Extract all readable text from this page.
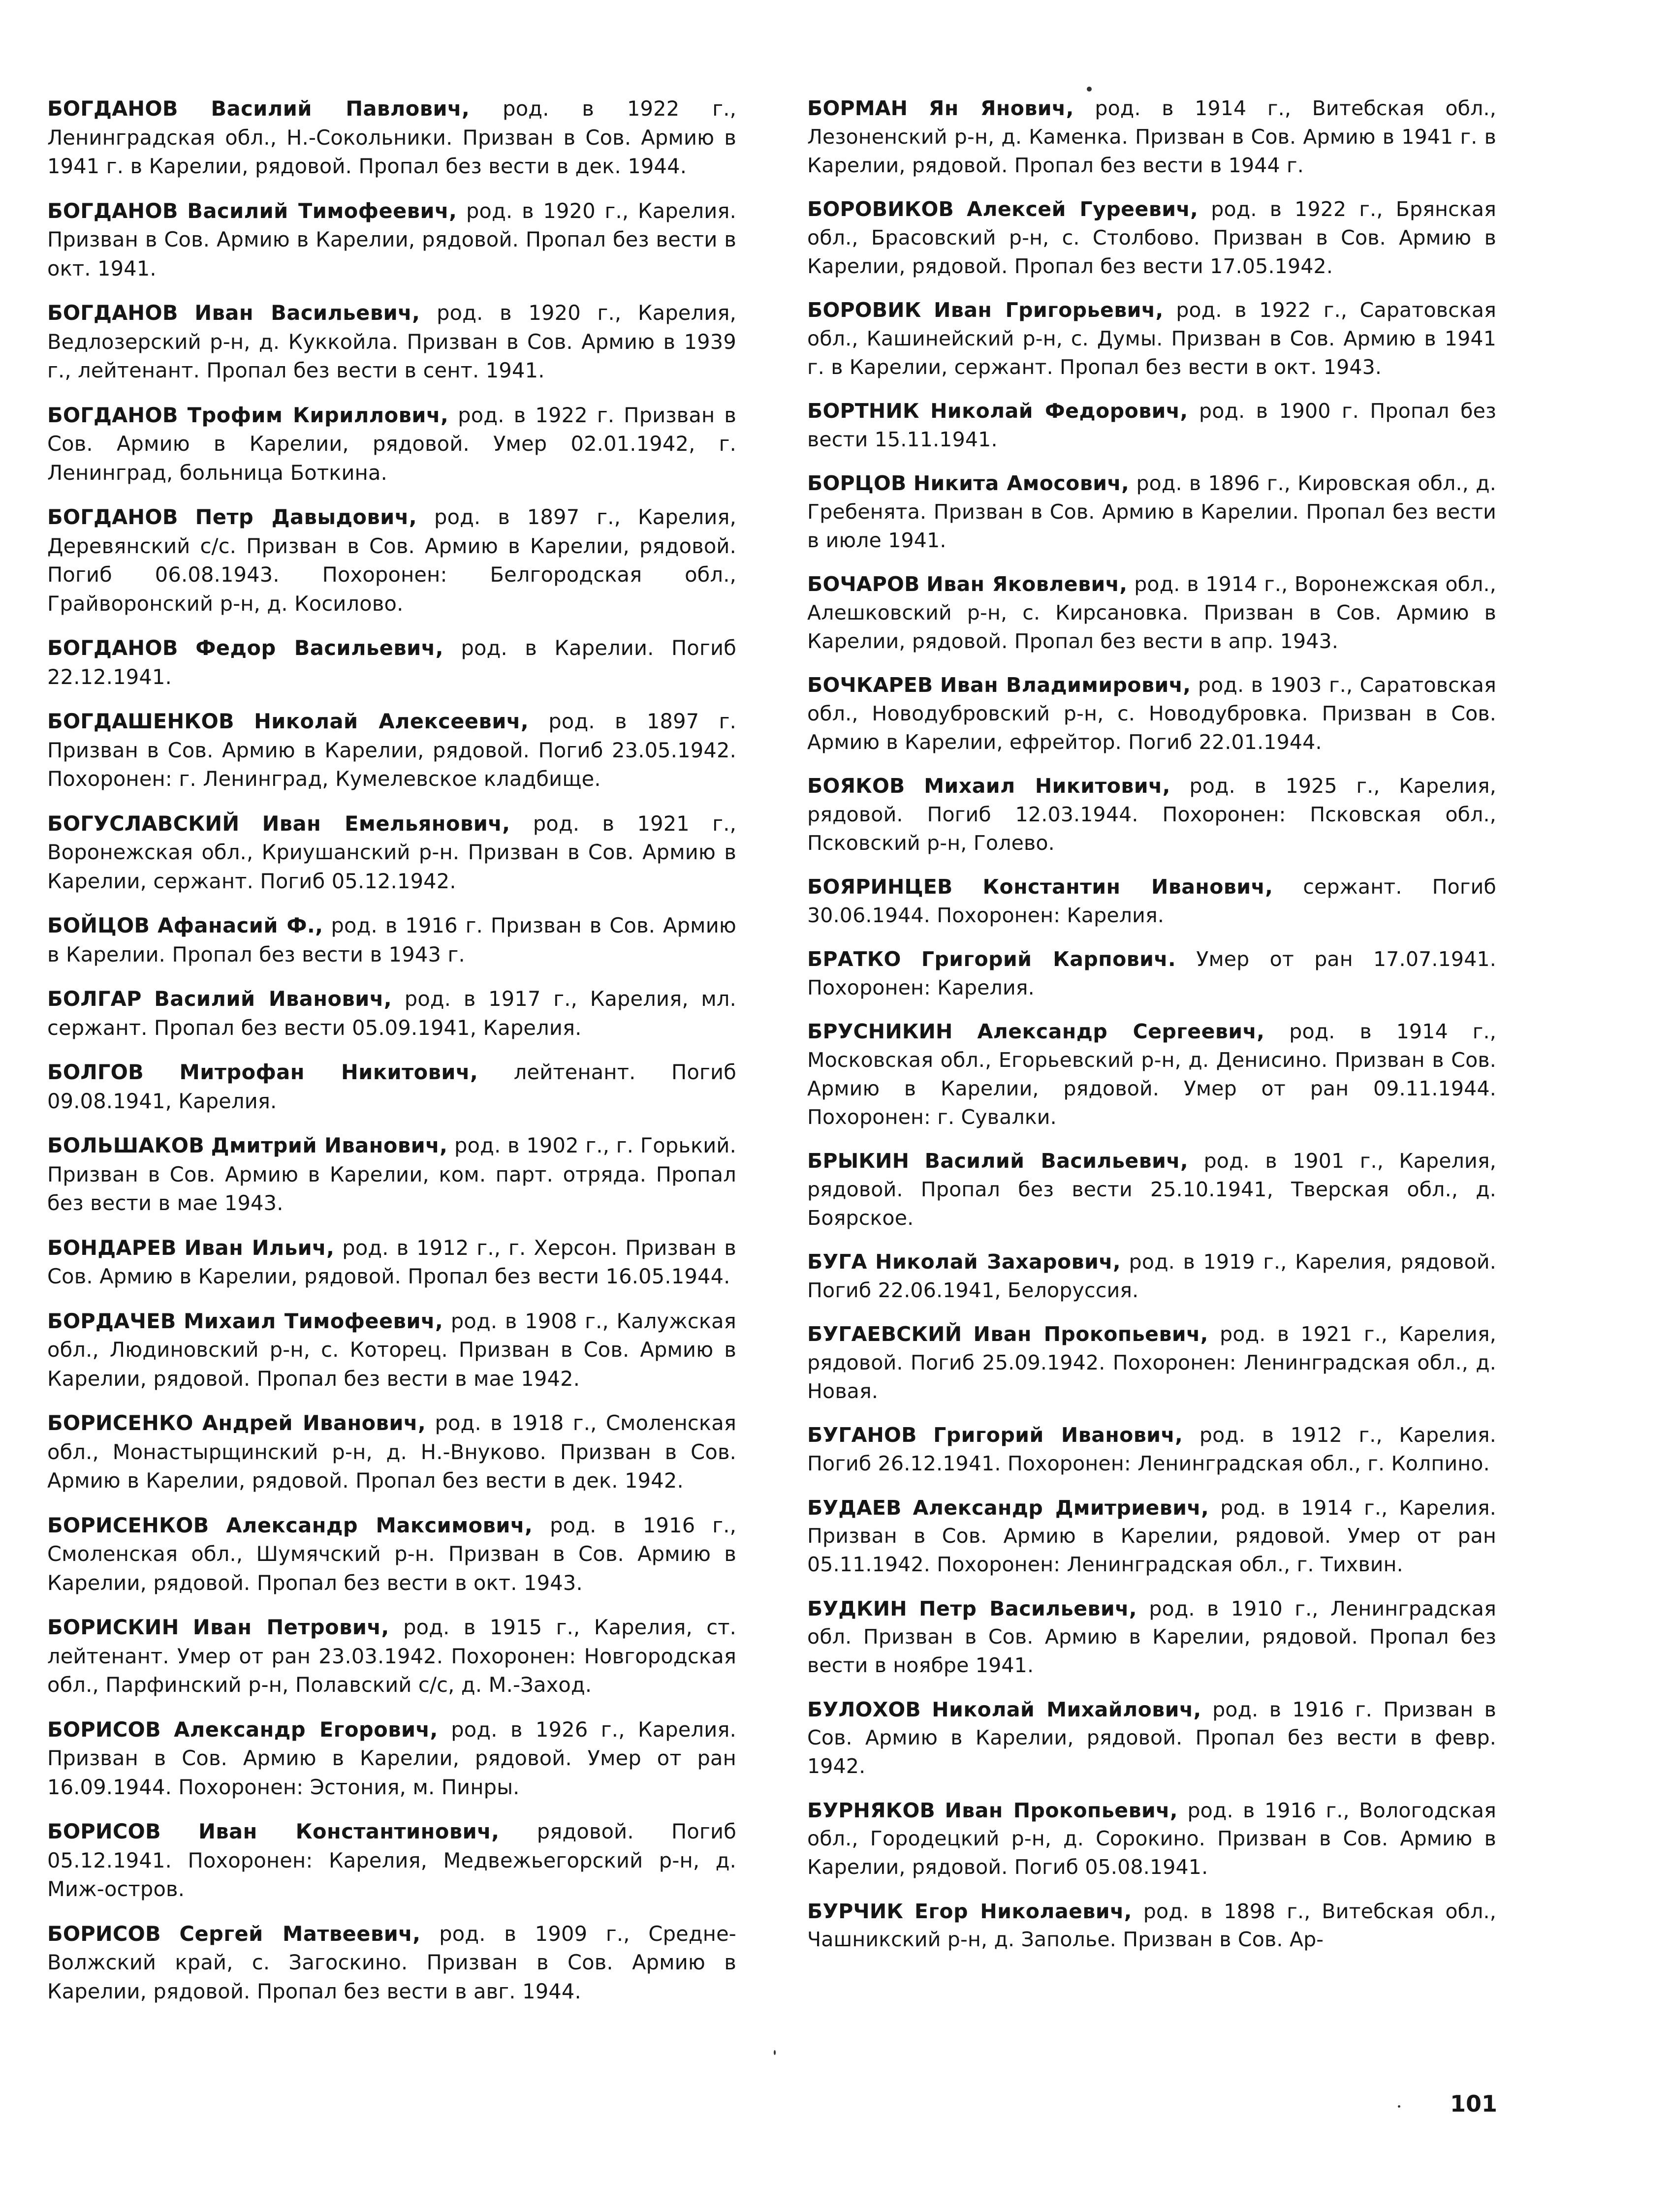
БОГДАНОВ Василий Павлович, род. в 1922 г., Ленинградская обл., Н.-Сокольники. Призван в Сов. Армию в 1941 г. в Карелии, рядовой. Пропал без вести в дек. 1944.

БОГДАНОВ Василий Тимофеевич, род. в 1920 г., Карелия. Призван в Сов. Армию в Карелии, рядовой. Пропал без вести в окт. 1941.

БОГДАНОВ Иван Васильевич, род. в 1920 г., Карелия, Ведлозерский р-н, д. Куккойла. Призван в Сов. Армию в 1939 г., лейтенант. Пропал без вести в сент. 1941.

БОГДАНОВ Трофим Кириллович, род. в 1922 г. Призван в Сов. Армию в Карелии, рядовой. Умер 02.01.1942, г. Ленинград, больница Боткина.

БОГДАНОВ Петр Давыдович, род. в 1897 г., Карелия, Деревянский с/с. Призван в Сов. Армию в Карелии, рядовой. Погиб 06.08.1943. Похоронен: Белгородская обл., Грайворонский р-н, д. Косилово.

БОГДАНОВ Федор Васильевич, род. в Карелии. Погиб 22.12.1941.

БОГДАШЕНКОВ Николай Алексеевич, род. в 1897 г. Призван в Сов. Армию в Карелии, рядовой. Погиб 23.05.1942. Похоронен: г. Ленинград, Кумелевское кладбище.

БОГУСЛАВСКИЙ Иван Емельянович, род. в 1921 г., Воронежская обл., Криушанский р-н. Призван в Сов. Армию в Карелии, сержант. Погиб 05.12.1942.

БОЙЦОВ Афанасий Ф., род. в 1916 г. Призван в Сов. Армию в Карелии. Пропал без вести в 1943 г.

БОЛГАР Василий Иванович, род. в 1917 г., Карелия, мл. сержант. Пропал без вести 05.09.1941, Карелия.

БОЛГОВ Митрофан Никитович, лейтенант. Погиб 09.08.1941, Карелия.

БОЛЬШАКОВ Дмитрий Иванович, род. в 1902 г., г. Горький. Призван в Сов. Армию в Карелии, ком. парт. отряда. Пропал без вести в мае 1943.

БОНДАРЕВ Иван Ильич, род. в 1912 г., г. Херсон. Призван в Сов. Армию в Карелии, рядовой. Пропал без вести 16.05.1944.

БОРДАЧЕВ Михаил Тимофеевич, род. в 1908 г., Калужская обл., Людиновский р-н, с. Которец. Призван в Сов. Армию в Карелии, рядовой. Пропал без вести в мае 1942.

БОРИСЕНКО Андрей Иванович, род. в 1918 г., Смоленская обл., Монастырщинский р-н, д. Н.-Внуково. Призван в Сов. Армию в Карелии, рядовой. Пропал без вести в дек. 1942.

БОРИСЕНКОВ Александр Максимович, род. в 1916 г., Смоленская обл., Шумячский р-н. Призван в Сов. Армию в Карелии, рядовой. Пропал без вести в окт. 1943.

БОРИСКИН Иван Петрович, род. в 1915 г., Карелия, ст. лейтенант. Умер от ран 23.03.1942. Похоронен: Новгородская обл., Парфинский р-н, Полавский с/с, д. М.-Заход.

БОРИСОВ Александр Егорович, род. в 1926 г., Карелия. Призван в Сов. Армию в Карелии, рядовой. Умер от ран 16.09.1944. Похоронен: Эстония, м. Пинры.

БОРИСОВ Иван Константинович, рядовой. Погиб 05.12.1941. Похоронен: Карелия, Медвежьегорский р-н, д. Миж-остров.

БОРИСОВ Сергей Матвеевич, род. в 1909 г., Средне-Волжский край, с. Загоскино. Призван в Сов. Армию в Карелии, рядовой. Пропал без вести в авг. 1944.

БОРМАН Ян Янович, род. в 1914 г., Витебская обл., Лезоненский р-н, д. Каменка. Призван в Сов. Армию в 1941 г. в Карелии, рядовой. Пропал без вести в 1944 г.

БОРОВИКОВ Алексей Гуреевич, род. в 1922 г., Брянская обл., Брасовский р-н, с. Столбово. Призван в Сов. Армию в Карелии, рядовой. Пропал без вести 17.05.1942.

БОРОВИК Иван Григорьевич, род. в 1922 г., Саратовская обл., Кашинейский р-н, с. Думы. Призван в Сов. Армию в 1941 г. в Карелии, сержант. Пропал без вести в окт. 1943.

БОРТНИК Николай Федорович, род. в 1900 г. Пропал без вести 15.11.1941.

БОРЦОВ Никита Амосович, род. в 1896 г., Кировская обл., д. Гребенята. Призван в Сов. Армию в Карелии. Пропал без вести в июле 1941.

БОЧАРОВ Иван Яковлевич, род. в 1914 г., Воронежская обл., Алешковский р-н, с. Кирсановка. Призван в Сов. Армию в Карелии, рядовой. Пропал без вести в апр. 1943.

БОЧКАРЕВ Иван Владимирович, род. в 1903 г., Саратовская обл., Новодубровский р-н, с. Новодубровка. Призван в Сов. Армию в Карелии, ефрейтор. Погиб 22.01.1944.

БОЯКОВ Михаил Никитович, род. в 1925 г., Карелия, рядовой. Погиб 12.03.1944. Похоронен: Псковская обл., Псковский р-н, Голево.

БОЯРИНЦЕВ Константин Иванович, сержант. Погиб 30.06.1944. Похоронен: Карелия.

БРАТКО Григорий Карпович. Умер от ран 17.07.1941. Похоронен: Карелия.

БРУСНИКИН Александр Сергеевич, род. в 1914 г., Московская обл., Егорьевский р-н, д. Денисино. Призван в Сов. Армию в Карелии, рядовой. Умер от ран 09.11.1944. Похоронен: г. Сувалки.

БРЫКИН Василий Васильевич, род. в 1901 г., Карелия, рядовой. Пропал без вести 25.10.1941, Тверская обл., д. Боярское.

БУГА Николай Захарович, род. в 1919 г., Карелия, рядовой. Погиб 22.06.1941, Белоруссия.

БУГАЕВСКИЙ Иван Прокопьевич, род. в 1921 г., Карелия, рядовой. Погиб 25.09.1942. Похоронен: Ленинградская обл., д. Новая.

БУГАНОВ Григорий Иванович, род. в 1912 г., Карелия. Погиб 26.12.1941. Похоронен: Ленинградская обл., г. Колпино.

БУДАЕВ Александр Дмитриевич, род. в 1914 г., Карелия. Призван в Сов. Армию в Карелии, рядовой. Умер от ран 05.11.1942. Похоронен: Ленинградская обл., г. Тихвин.

БУДКИН Петр Васильевич, род. в 1910 г., Ленинградская обл. Призван в Сов. Армию в Карелии, рядовой. Пропал без вести в ноябре 1941.

БУЛОХОВ Николай Михайлович, род. в 1916 г. Призван в Сов. Армию в Карелии, рядовой. Пропал без вести в февр. 1942.

БУРНЯКОВ Иван Прокопьевич, род. в 1916 г., Вологодская обл., Городецкий р-н, д. Сорокино. Призван в Сов. Армию в Карелии, рядовой. Погиб 05.08.1941.

БУРЧИК Егор Николаевич, род. в 1898 г., Витебская обл., Чашникский р-н, д. Заполье. Призван в Сов. Ар-

101
